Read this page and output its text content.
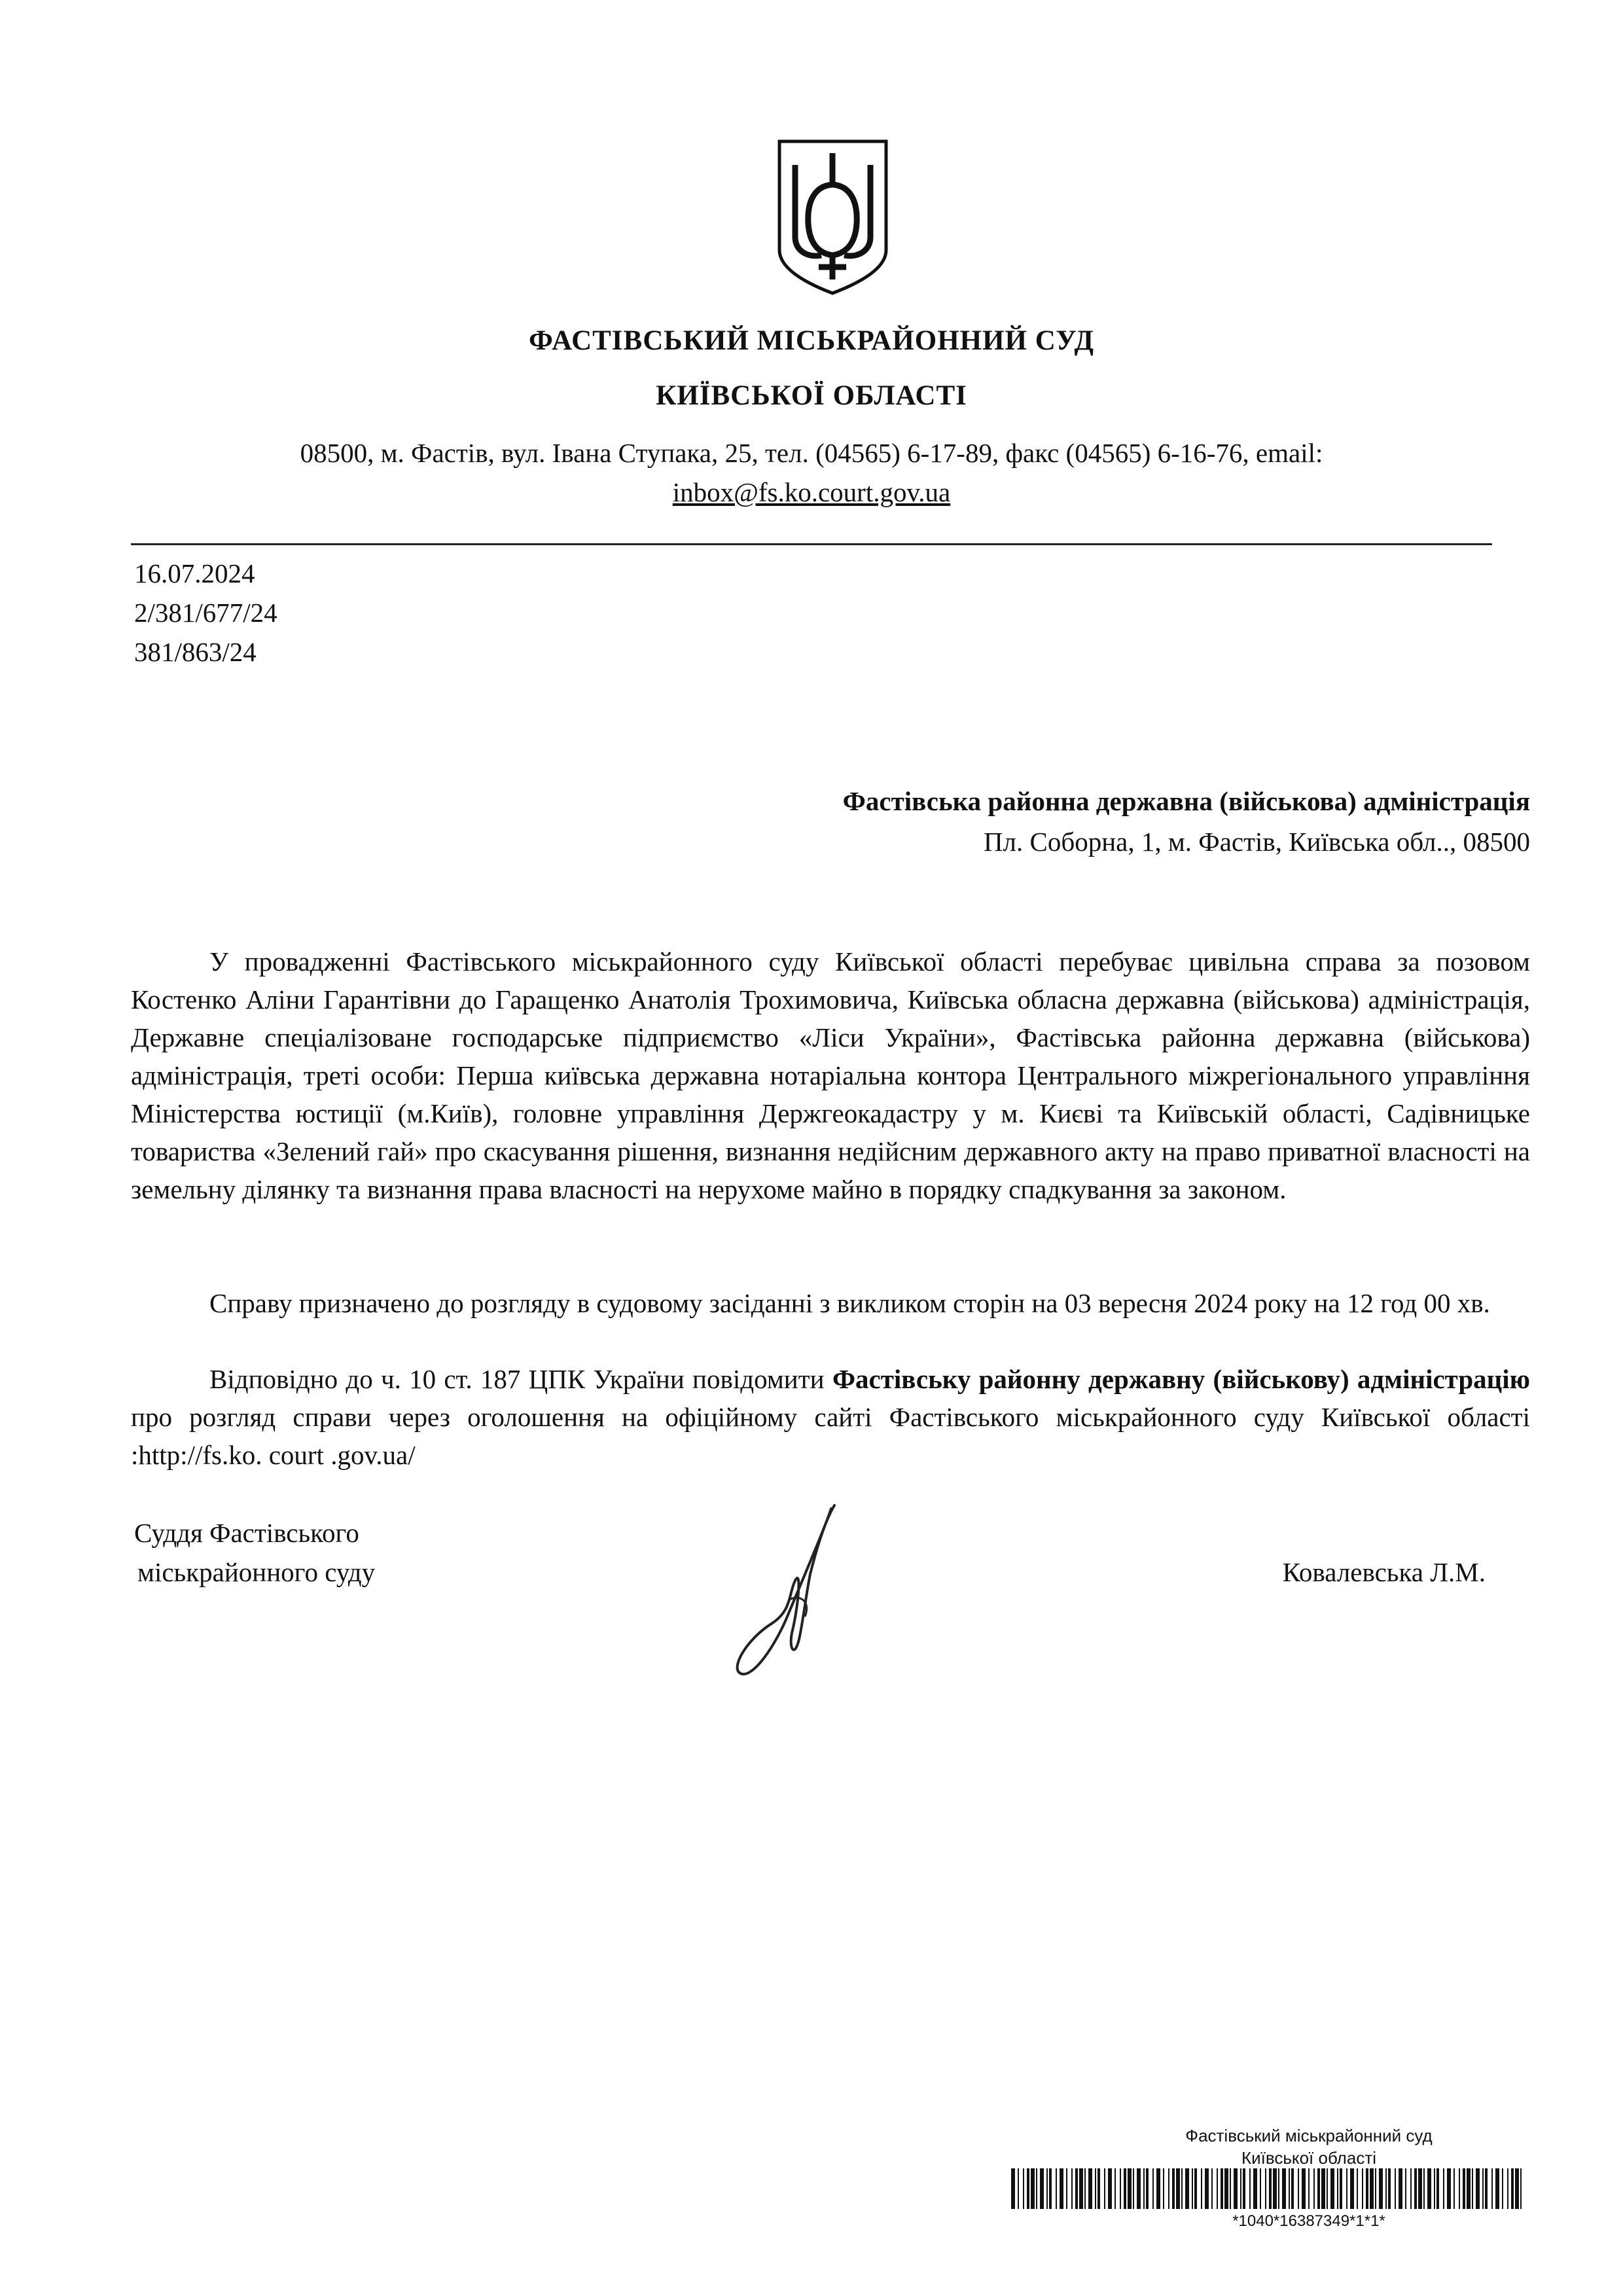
ФАСТІВСЬКИЙ МІСЬКРАЙОННИЙ СУД
КИЇВСЬКОЇ ОБЛАСТІ
08500, м. Фастів, вул. Івана Ступака, 25, тел. (04565) 6-17-89, факс (04565) 6-16-76, email:
inbox@fs.ko.court.gov.ua
16.07.2024
2/381/677/24
381/863/24
Фастівська районна державна (військова) адміністрація
Пл. Соборна, 1, м. Фастів, Київська обл.., 08500
У провадженні Фастівського міськрайонного суду Київської області перебуває цивільна справа за позовом Костенко Аліни Гарантівни до Гаращенко Анатолія Трохимовича, Київська обласна державна (військова) адміністрація, Державне спеціалізоване господарське підприємство «Ліси України», Фастівська районна державна (військова) адміністрація, треті особи: Перша київська державна нотаріальна контора Центрального міжрегіонального управління Міністерства юстиції (м.Київ), головне управління Держгеокадастру у м. Києві та Київській області, Садівницьке товариства «Зелений гай» про скасування рішення, визнання недійсним державного акту на право приватної власності на земельну ділянку та визнання права власності на нерухоме майно в порядку спадкування за законом.
Справу призначено до розгляду в судовому засіданні з викликом сторін на 03 вересня 2024 року на 12 год 00 хв.
Відповідно до ч. 10 ст. 187 ЦПК України повідомити Фастівську районну державну (військову) адміністрацію про розгляд справи через оголошення на офіційному сайті Фастівського міськрайонного суду Київської області :http://fs.ko. court .gov.ua/
Суддя Фастівського
міськрайонного суду	Ковалевська Л.М.
Фастівський міськрайонний суд
Київської області
*1040*16387349*1*1*
